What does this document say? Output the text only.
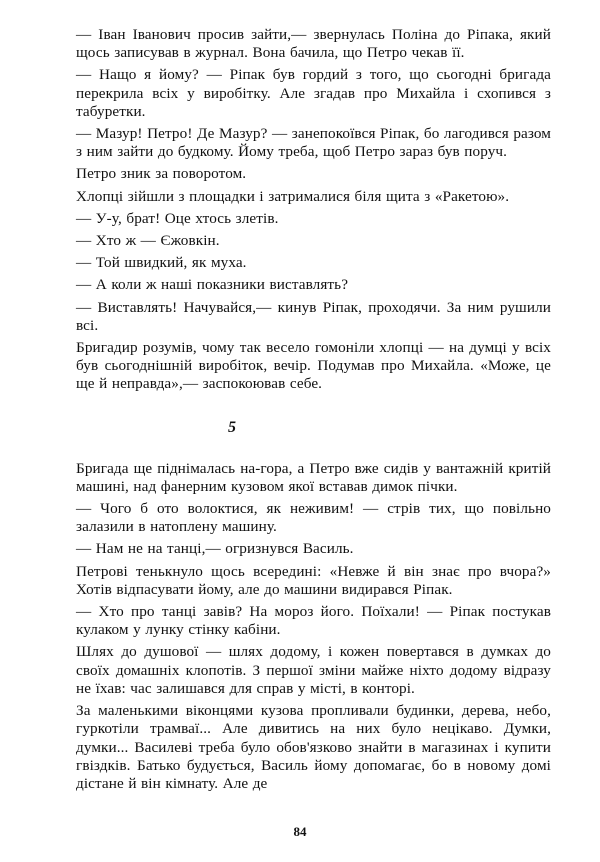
— Іван Іванович просив зайти,— звернулась Поліна до Ріпака, який щось записував в журнал. Вона бачила, що Петро чекав її.

— Нащо я йому? — Ріпак був гордий з того, що сьогодні бригада перекрила всіх у виробітку. Але згадав про Михайла і схопився з табуретки.

— Мазур! Петро! Де Мазур? — занепокоївся Ріпак, бо лагодився разом з ним зайти до будкому. Йому треба, щоб Петро зараз був поруч.

Петро зник за поворотом.

Хлопці зійшли з площадки і затрималися біля щита з «Ракетою».

— У-у, брат! Оце хтось злетів.

— Хто ж — Єжовкін.

— Той швидкий, як муха.

— А коли ж наші показники виставлять?

— Виставлять! Начувайся,— кинув Ріпак, проходячи. За ним рушили всі.

Бригадир розумів, чому так весело гомоніли хлопці — на думці у всіх був сьогоднішній виробіток, вечір. Подумав про Михайла. «Може, це ще й неправда»,— заспокоював себе.

5

Бригада ще піднімалась на-гора, а Петро вже сидів у вантажній критій машині, над фанерним кузовом якої вставав димок пічки.

— Чого б ото волоктися, як неживим! — стрів тих, що повільно залазили в натоплену машину.

— Нам не на танці,— огризнувся Василь.

Петрові тенькнуло щось всередині: «Невже й він знає про вчора?» Хотів відпасувати йому, але до машини видирався Ріпак.

— Хто про танці завів? На мороз його. Поїхали! — Ріпак постукав кулаком у лунку стінку кабіни.

Шлях до душової — шлях додому, і кожен повертався в думках до своїх домашніх клопотів. З першої зміни майже ніхто додому відразу не їхав: час залишався для справ у місті, в конторі.

За маленькими віконцями кузова пропливали будинки, дерева, небо, гуркотіли трамваї... Але дивитись на них було нецікаво. Думки, думки... Василеві треба було обов'язково знайти в магазинах і купити гвіздків. Батько будується, Василь йому допомагає, бо в новому домі дістане й він кімнату. Але де

84
